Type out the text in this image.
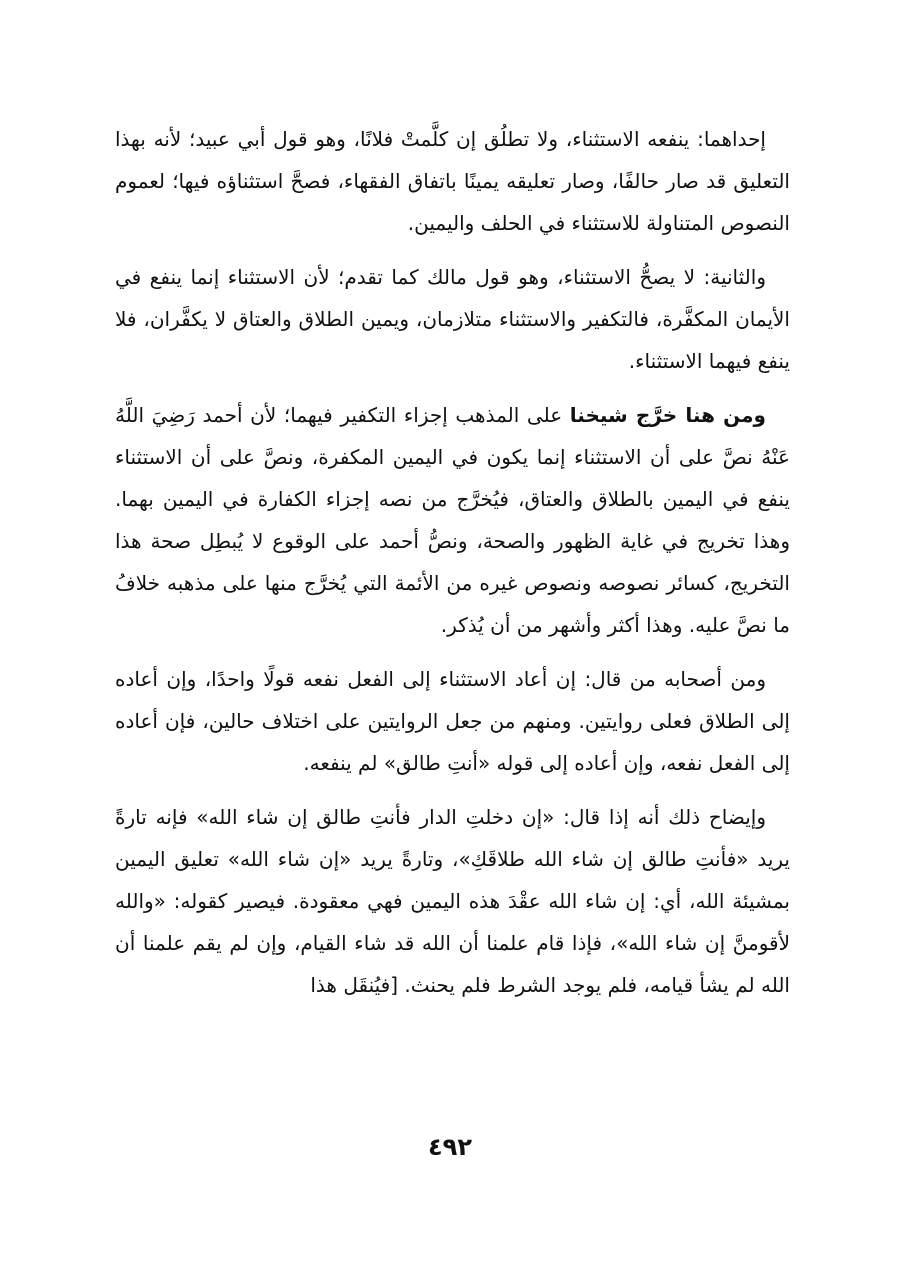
إحداهما: ينفعه الاستثناء، ولا تطلُق إن كلَّمتْ فلانًا، وهو قول أبي عبيد؛ لأنه بهذا التعليق قد صار حالفًا، وصار تعليقه يمينًا باتفاق الفقهاء، فصحَّ استثناؤه فيها؛ لعموم النصوص المتناولة للاستثناء في الحلف واليمين.

والثانية: لا يصحُّ الاستثناء، وهو قول مالك كما تقدم؛ لأن الاستثناء إنما ينفع في الأيمان المكفَّرة، فالتكفير والاستثناء متلازمان، ويمين الطلاق والعتاق لا يكفَّران، فلا ينفع فيهما الاستثناء.

ومن هنا خرَّج شيخنا على المذهب إجزاء التكفير فيهما؛ لأن أحمد رَضِيَ اللَّهُ عَنْهُ نصَّ على أن الاستثناء إنما يكون في اليمين المكفرة، ونصَّ على أن الاستثناء ينفع في اليمين بالطلاق والعتاق، فيُخرَّج من نصه إجزاء الكفارة في اليمين بهما. وهذا تخريج في غاية الظهور والصحة، ونصُّ أحمد على الوقوع لا يُبطِل صحة هذا التخريج، كسائر نصوصه ونصوص غيره من الأئمة التي يُخرَّج منها على مذهبه خلافُ ما نصَّ عليه. وهذا أكثر وأشهر من أن يُذكر.

ومن أصحابه من قال: إن أعاد الاستثناء إلى الفعل نفعه قولًا واحدًا، وإن أعاده إلى الطلاق فعلى روايتين. ومنهم من جعل الروايتين على اختلاف حالين، فإن أعاده إلى الفعل نفعه، وإن أعاده إلى قوله «أنتِ طالق» لم ينفعه.

وإيضاح ذلك أنه إذا قال: «إن دخلتِ الدار فأنتِ طالق إن شاء الله» فإنه تارةً يريد «فأنتِ طالق إن شاء الله طلاقَكِ»، وتارةً يريد «إن شاء الله» تعليق اليمين بمشيئة الله، أي: إن شاء الله عقْدَ هذه اليمين فهي معقودة. فيصير كقوله: «والله لأقومنَّ إن شاء الله»، فإذا قام علمنا أن الله قد شاء القيام، وإن لم يقم علمنا أن الله لم يشأ قيامه، فلم يوجد الشرط فلم يحنث. [فيُنقَل هذا

٤٩٢
